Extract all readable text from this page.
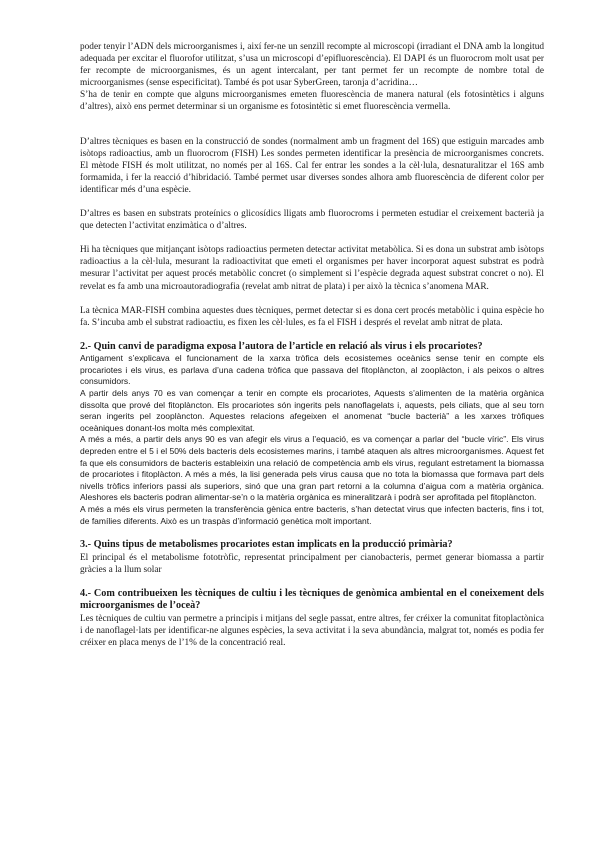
poder tenyir l’ADN dels microorganismes i, així fer-ne un senzill recompte al microscopi (irradiant el DNA amb la longitud adequada per excitar el fluorofor utilitzat, s’usa un microscopi d’epifluorescència). El DAPI és un fluorocrom molt usat per fer recompte de microorganismes, és un agent intercalant, per tant permet fer un recompte de nombre total de microorganismes (sense especificitat). També és pot usar SyberGreen, taronja d’acridina…

S’ha de tenir en compte que alguns microorganismes emeten fluorescència de manera natural (els fotosintètics i alguns d’altres), això ens permet determinar si un organisme es fotosintètic si emet fluorescència vermella.

D’altres tècniques es basen en la construcció de sondes (normalment amb un fragment del 16S) que estiguin marcades amb isòtops radioactius, amb un fluorocrom (FISH) Les sondes permeten identificar la presència de microorganismes concrets. El mètode FISH és molt utilitzat, no només per al 16S. Cal fer entrar les sondes a la cèl·lula, desnaturalitzar el 16S amb formamida, i fer la reacció d’hibridació. També permet usar diverses sondes alhora amb fluorescència de diferent color per identificar més d’una espècie.

D’altres es basen en substrats proteínics o glicosídics lligats amb fluorocroms i permeten estudiar el creixement bacterià ja que detecten l’activitat enzimàtica o d’altres.

Hi ha tècniques que mitjançant isòtops radioactius permeten detectar activitat metabòlica. Si es dona un substrat amb isòtops radioactius a la cèl·lula, mesurant la radioactivitat que emeti el organismes per haver incorporat aquest substrat es podrà mesurar l’activitat per aquest procés metabòlic concret (o simplement si l’espècie degrada aquest substrat concret o no). El revelat es fa amb una microautoradiografia (revelat amb nitrat de plata) i per això la tècnica s’anomena MAR.

La tècnica MAR-FISH combina aquestes dues tècniques, permet detectar si es dona cert procés metabòlic i quina espècie ho fa. S’incuba amb el substrat radioactiu, es fixen les cèl·lules, es fa el FISH i després el revelat amb nitrat de plata.

2.- Quin canvi de paradigma exposa l’autora de l’article en relació als virus i els procariotes?

Antigament s’explicava el funcionament de la xarxa tròfica dels ecosistemes oceànics sense tenir en compte els procariotes i els virus, es parlava d’una cadena tròfica que passava del fitoplàncton, al zooplàcton, i als peixos o altres consumidors.

A partir dels anys 70 es van començar a tenir en compte els procariotes, Aquests s’alimenten de la matèria orgànica dissolta que prové del fitoplàncton. Els procariotes són ingerits pels nanoflagelats i, aquests, pels ciliats, que al seu torn seran ingerits pel zooplàncton. Aquestes relacions afegeixen el anomenat “bucle bacterià” a les xarxes tròfiques oceàniques donant-los molta més complexitat.

A més a més, a partir dels anys 90 es van afegir els virus a l’equació, es va començar a parlar del “bucle víric”. Els virus depreden entre el 5 i el 50% dels bacteris dels ecosistemes marins, i també ataquen als altres microorganismes. Aquest fet fa que els consumidors de bacteris estableixin una relació de competència amb els virus, regulant estretament la biomassa de procariotes i fitoplàcton. A més a més, la lisi generada pels virus causa que no tota la biomassa que formava part dels nivells tròfics inferiors passi als superiors, sinó que una gran part retorni a la columna d’aigua com a matèria orgànica. Aleshores els bacteris podran alimentar-se’n o la matèria orgànica es mineralitzarà i podrà ser aprofitada pel fitoplàncton.

A més a més els virus permeten la transferència gènica entre bacteris, s’han detectat virus que infecten bacteris, fins i tot, de famílies diferents. Això es un traspàs d’informació genètica molt important.

3.- Quins tipus de metabolismes procariotes estan implicats en la producció primària?

El principal és el metabolisme fototròfic, representat principalment per cianobacteris, permet generar biomassa a partir gràcies a la llum solar

4.- Com contribueixen les tècniques de cultiu i les tècniques de genòmica ambiental en el coneixement dels microorganismes de l’oceà?

Les tècniques de cultiu van permetre a principis i mitjans del segle passat, entre altres, fer créixer la comunitat fitoplactònica i de nanoflagel·lats per identificar-ne algunes espècies, la seva activitat i la seva abundància, malgrat tot, només es podia fer créixer en placa menys de l’1% de la concentració real.
